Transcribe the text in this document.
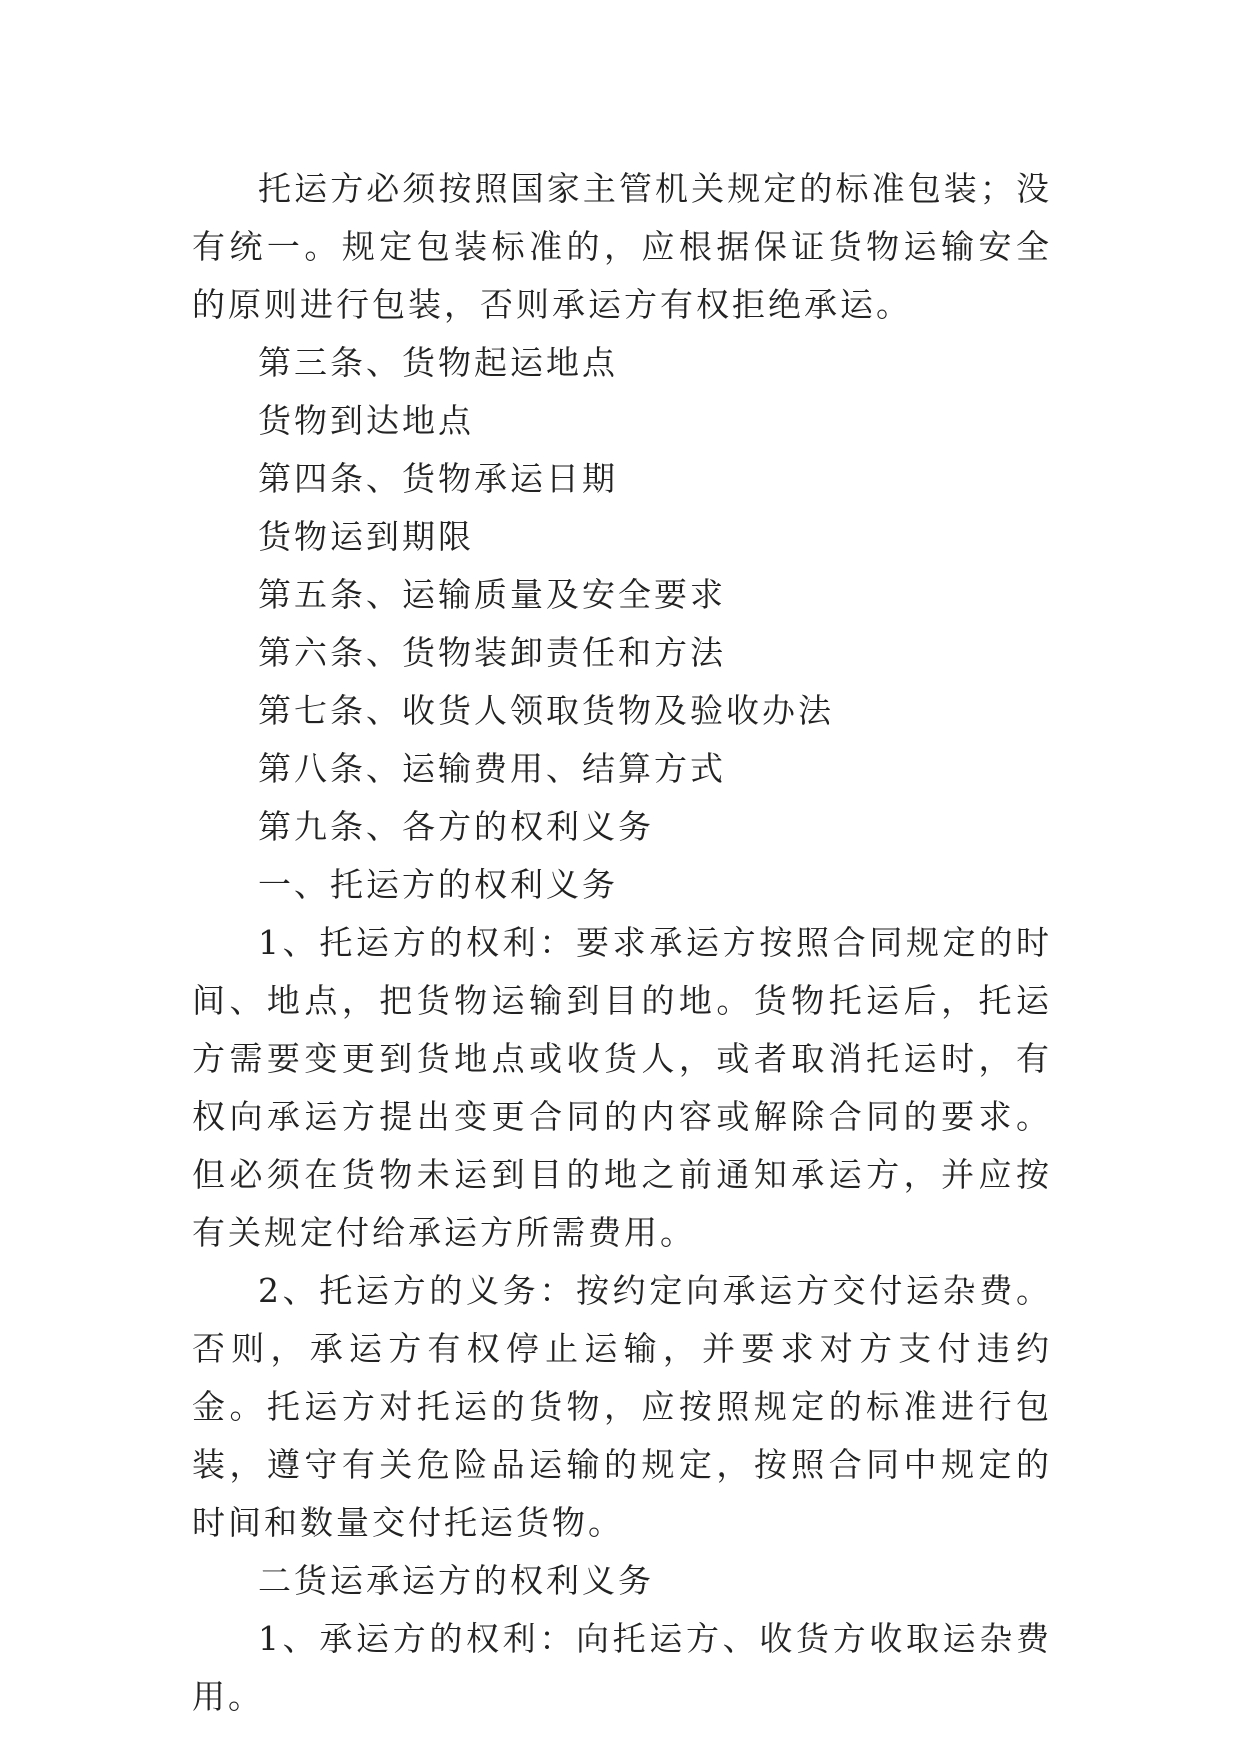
托运方必须按照国家主管机关规定的标准包装；没有统一。规定包装标准的，应根据保证货物运输安全的原则进行包装，否则承运方有权拒绝承运。

第三条、货物起运地点

货物到达地点

第四条、货物承运日期

货物运到期限

第五条、运输质量及安全要求

第六条、货物装卸责任和方法

第七条、收货人领取货物及验收办法

第八条、运输费用、结算方式

第九条、各方的权利义务

一、托运方的权利义务

1、托运方的权利：要求承运方按照合同规定的时间、地点，把货物运输到目的地。货物托运后，托运方需要变更到货地点或收货人，或者取消托运时，有权向承运方提出变更合同的内容或解除合同的要求。但必须在货物未运到目的地之前通知承运方，并应按有关规定付给承运方所需费用。

2、托运方的义务：按约定向承运方交付运杂费。否则，承运方有权停止运输，并要求对方支付违约金。托运方对托运的货物，应按照规定的标准进行包装，遵守有关危险品运输的规定，按照合同中规定的时间和数量交付托运货物。

二货运承运方的权利义务

1、承运方的权利：向托运方、收货方收取运杂费用。
